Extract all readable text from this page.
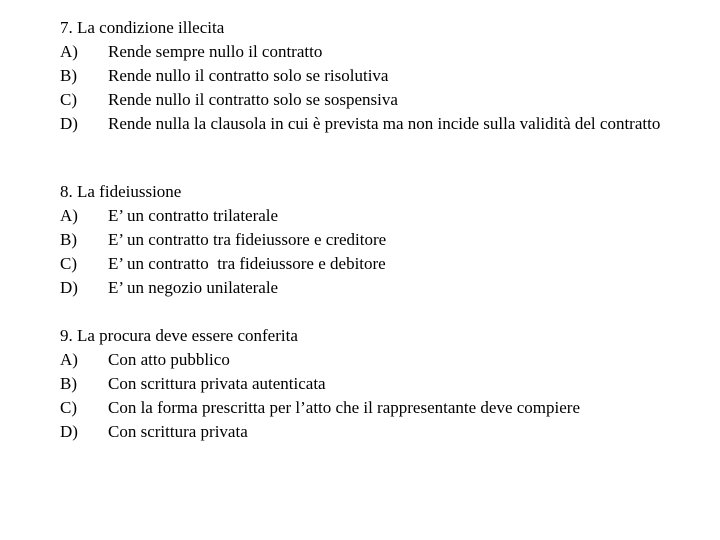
7. La condizione illecita
A)	Rende sempre nullo il contratto
B)	Rende nullo il contratto solo se risolutiva
C)	Rende nullo il contratto solo se sospensiva
D)	Rende nulla la clausola in cui è prevista ma non incide sulla validità del contratto
8. La fideiussione
A)	E’ un contratto trilaterale
B)	E’ un contratto tra fideiussore e creditore
C)	E’ un contratto  tra fideiussore e debitore
D)	E’ un negozio unilaterale
9. La procura deve essere conferita
A)	Con atto pubblico
B)	Con scrittura privata autenticata
C)	Con la forma prescritta per l’atto che il rappresentante deve compiere
D)	Con scrittura privata
